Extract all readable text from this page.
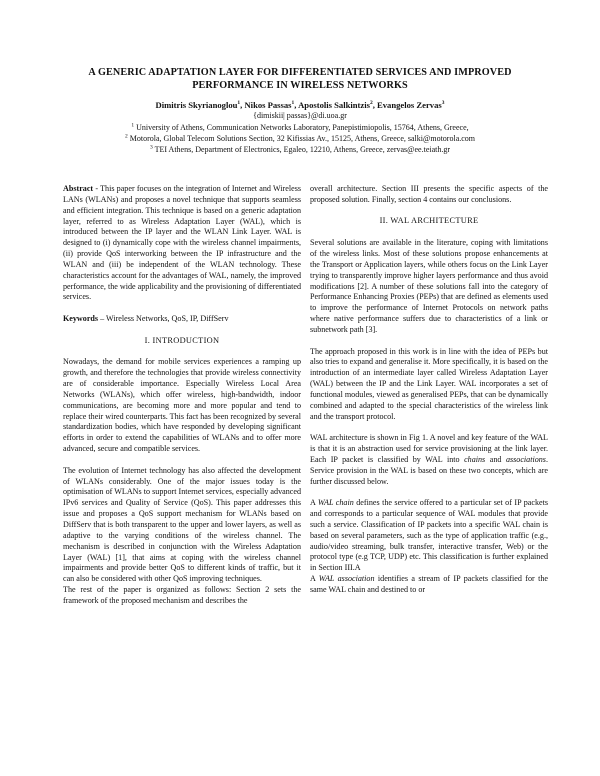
A GENERIC ADAPTATION LAYER FOR DIFFERENTIATED SERVICES AND IMPROVED
PERFORMANCE IN WIRELESS NETWORKS
Dimitris Skyrianoglou$^1$, Nikos Passas$^1$, Apostolis Salkintzis$^2$, Evangelos Zervas$^3$
$^1$ University of Athens, Communication Networks Laboratory, Panepistimiopolis, 15764, Athens, Greece,
{dimiskii| passas}@di.uoa.gr
$^2$ Motorola, Global Telecom Solutions Section, 32 Kifissias Av., 15125, Athens, Greece, salki@motorola.com
$^3$ TEI Athens, Department of Electronics, Egaleo, 12210, Athens, Greece, zervas@ee.teiath.gr

Abstract - This paper focuses on the integration of Internet and Wireless LANs (WLANs) and proposes a novel technique that supports seamless and efficient integration. This technique is based on a generic adaptation layer, referred to as Wireless Adaptation Layer (WAL), which is introduced between the IP layer and the WLAN Link Layer. WAL is designed to (i) dynamically cope with the wireless channel impairments, (ii) provide QoS interworking between the IP infrastructure and the WLAN and (iii) be independent of the WLAN technology. These characteristics account for the advantages of WAL, namely, the improved performance, the wide applicability and the provisioning of differentiated services.

Keywords – Wireless Networks, QoS, IP, DiffServ

I. INTRODUCTION

Nowadays, the demand for mobile services experiences a ramping up growth, and therefore the technologies that provide wireless connectivity are of considerable importance. Especially Wireless Local Area Networks (WLANs), which offer wireless, high-bandwidth, indoor communications, are becoming more and more popular and tend to replace their wired counterparts. This fact has been recognized by several standardization bodies, which have responded by developing significant efforts in order to extend the capabilities of WLANs and to offer more advanced, secure and compatible services.

The evolution of Internet technology has also affected the development of WLANs considerably. One of the major issues today is the optimisation of WLANs to support Internet services, especially advanced IPv6 services and Quality of Service (QoS). This paper addresses this issue and proposes a QoS support mechanism for WLANs based on DiffServ that is both transparent to the upper and lower layers, as well as adaptive to the varying conditions of the wireless channel. The mechanism is described in conjunction with the Wireless Adaptation Layer (WAL) [1], that aims at coping with the wireless channel impairments and provide better QoS to different kinds of traffic, but it can also be considered with other QoS improving techniques.

The rest of the paper is organized as follows: Section 2 sets the framework of the proposed mechanism and describes the

overall architecture. Section III presents the specific aspects of the proposed solution. Finally, section 4 contains our conclusions.

II. WAL ARCHITECTURE

Several solutions are available in the literature, coping with limitations of the wireless links. Most of these solutions propose enhancements at the Transport or Application layers, while others focus on the Link Layer trying to transparently improve higher layers performance and thus avoid modifications [2]. A number of these solutions fall into the category of Performance Enhancing Proxies (PEPs) that are defined as elements used to improve the performance of Internet Protocols on network paths where native performance suffers due to characteristics of a link or subnetwork path [3].

The approach proposed in this work is in line with the idea of PEPs but also tries to expand and generalise it. More specifically, it is based on the introduction of an intermediate layer called Wireless Adaptation Layer (WAL) between the IP and the Link Layer. WAL incorporates a set of functional modules, viewed as generalised PEPs, that can be dynamically combined and adapted to the special characteristics of the wireless link and the transport protocol.

WAL architecture is shown in Fig 1. A novel and key feature of the WAL is that it is an abstraction used for service provisioning at the link layer. Each IP packet is classified by WAL into chains and associations. Service provision in the WAL is based on these two concepts, which are further discussed below.

A WAL chain defines the service offered to a particular set of IP packets and corresponds to a particular sequence of WAL modules that provide such a service. Classification of IP packets into a specific WAL chain is based on several parameters, such as the type of application traffic (e.g., audio/video streaming, bulk transfer, interactive transfer, Web) or the protocol type (e.g TCP, UDP) etc. This classification is further explained in Section III.A

A WAL association identifies a stream of IP packets classified for the same WAL chain and destined to or
